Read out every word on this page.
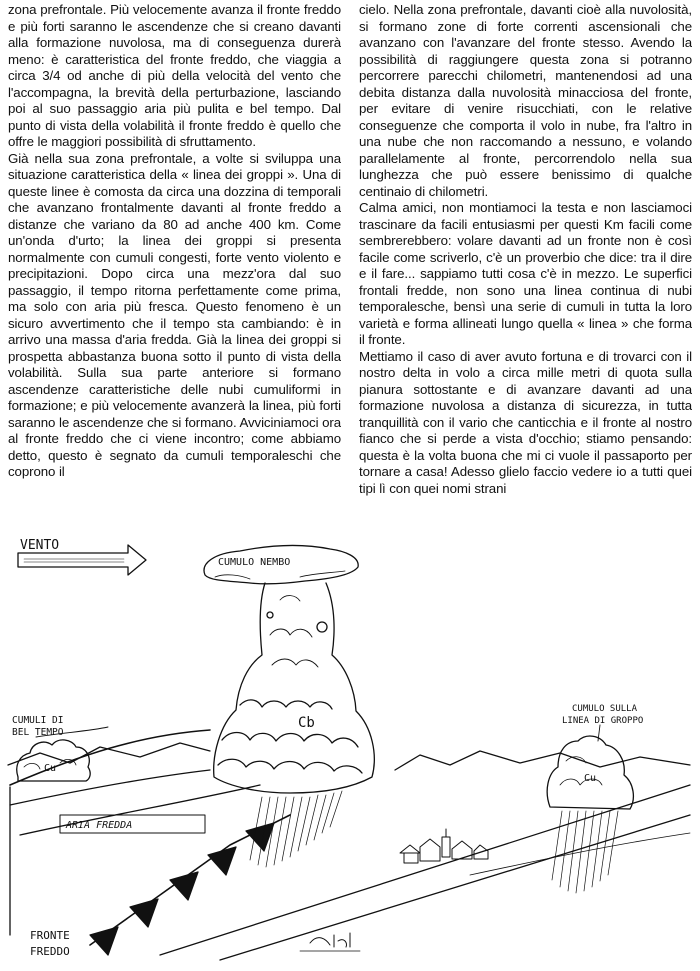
zona prefrontale. Più velocemente avanza il fronte freddo e più forti saranno le ascendenze che si creano davanti alla formazione nuvolosa, ma di conseguenza durerà meno: è caratteristica del fronte freddo, che viaggia a circa 3/4 od anche di più della velocità del vento che l'accompagna, la brevità della perturbazione, lasciando poi al suo passaggio aria più pulita e bel tempo. Dal punto di vista della volabilità il fronte freddo è quello che offre le maggiori possibilità di sfruttamento.

Già nella sua zona prefrontale, a volte si sviluppa una situazione caratteristica della « linea dei groppi ». Una di queste linee è comosta da circa una dozzina di temporali che avanzano frontalmente davanti al fronte freddo a distanze che variano da 80 ad anche 400 km. Come un'onda d'urto; la linea dei groppi si presenta normalmente con cumuli congesti, forte vento violento e precipitazioni. Dopo circa una mezz'ora dal suo passaggio, il tempo ritorna perfettamente come prima, ma solo con aria più fresca. Questo fenomeno è un sicuro avvertimento che il tempo sta cambiando: è in arrivo una massa d'aria fredda. Già la linea dei groppi si prospetta abbastanza buona sotto il punto di vista della volabilità. Sulla sua parte anteriore si formano ascendenze caratteristiche delle nubi cumuliformi in formazione; e più velocemente avanzerà la linea, più forti saranno le ascendenze che si formano. Avviciniamoci ora al fronte freddo che ci viene incontro; come abbiamo detto, questo è segnato da cumuli temporaleschi che coprono il

cielo. Nella zona prefrontale, davanti cioè alla nuvolosità, si formano zone di forte correnti ascensionali che avanzano con l'avanzare del fronte stesso. Avendo la possibilità di raggiungere questa zona si potranno percorrere parecchi chilometri, mantenendosi ad una debita distanza dalla nuvolosità minacciosa del fronte, per evitare di venire risucchiati, con le relative conseguenze che comporta il volo in nube, fra l'altro in una nube che non raccomando a nessuno, e volando parallelamente al fronte, percorrendolo nella sua lunghezza che può essere benissimo di qualche centinaio di chilometri.

Calma amici, non montiamoci la testa e non lasciamoci trascinare da facili entusiasmi per questi Km facili come sembrerebbero: volare davanti ad un fronte non è così facile come scriverlo, c'è un proverbio che dice: tra il dire e il fare... sappiamo tutti cosa c'è in mezzo. Le superfici frontali fredde, non sono una linea continua di nubi temporalesche, bensì una serie di cumuli in tutta la loro varietà e forma allineati lungo quella « linea » che forma il fronte.

Mettiamo il caso di aver avuto fortuna e di trovarci con il nostro delta in volo a circa mille metri di quota sulla pianura sottostante e di avanzare davanti ad una formazione nuvolosa a distanza di sicurezza, in tutta tranquillità con il vario che canticchia e il fronte al nostro fianco che si perde a vista d'occhio; stiamo pensando: questa è la volta buona che mi ci vuole il passaporto per tornare a casa! Adesso glielo faccio vedere io a tutti quei tipi lì con quei nomi strani

VENTO
CUMULO NEMBO
Cb
CUMULI DI
BEL TEMPO
Cu
CUMULO SULLA
LINEA DI GROPPO
Cu
ARIA FREDDA
FRONTE
FREDDO
